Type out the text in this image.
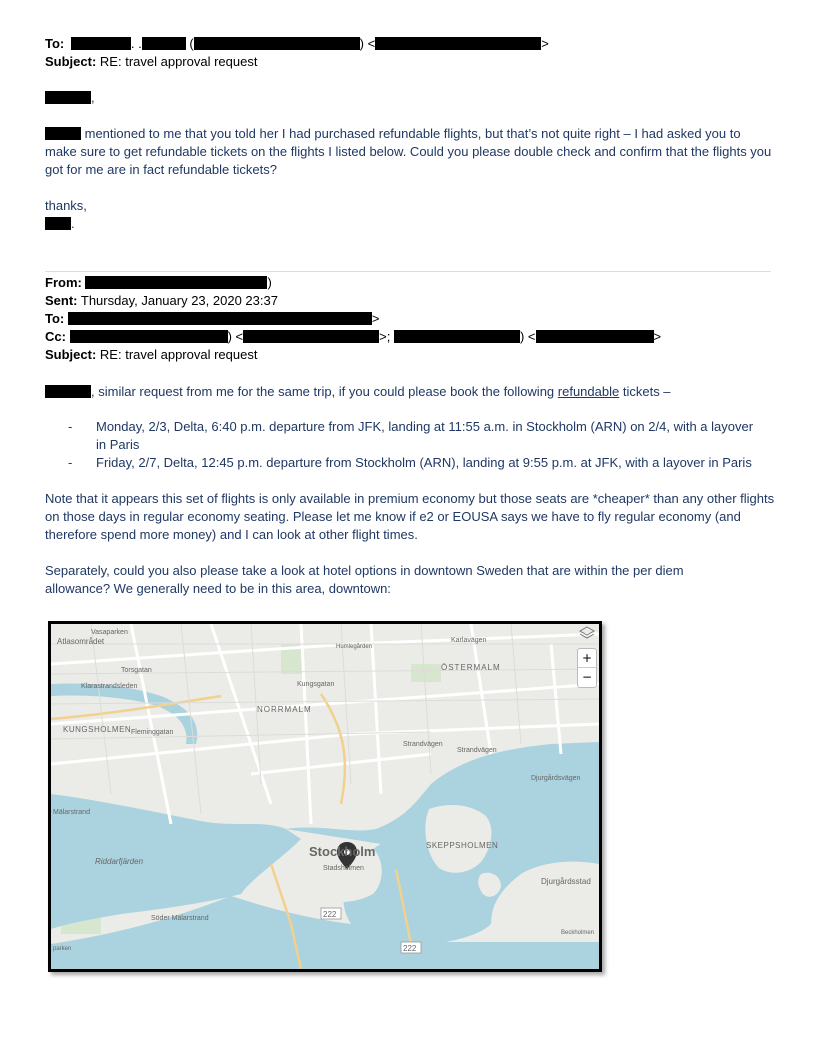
To:	. .	(	) <	>
Subject: RE: travel approval request
,
mentioned to me that you told her I had purchased refundable flights, but that’s not quite right – I had asked you to make sure to get refundable tickets on the flights I listed below. Could you please double check and confirm that the flights you got for me are in fact refundable tickets?
thanks,
.
From:	)
Sent: Thursday, January 23, 2020 23:37
To:	>
Cc:	) <	>;	) <	>
Subject: RE: travel approval request
, similar request from me for the same trip, if you could please book the following refundable tickets –
- Monday, 2/3, Delta, 6:40 p.m. departure from JFK, landing at 11:55 a.m. in Stockholm (ARN) on 2/4, with a layover in Paris
- Friday, 2/7, Delta, 12:45 p.m. departure from Stockholm (ARN), landing at 9:55 p.m. at JFK, with a layover in Paris
Note that it appears this set of flights is only available in premium economy but those seats are *cheaper* than any other flights on those days in regular economy seating. Please let me know if e2 or EOUSA says we have to fly regular economy (and therefore spend more money) and I can look at other flight times.
Separately, could you also please take a look at hotel options in downtown Sweden that are within the per diem allowance? We generally need to be in this area, downtown:
222
222
Stockholm
Stadsholmen
ÖSTERMALM
NORRMALM
KUNGSHOLMEN
SKEPPSHOLMEN
Riddarfjärden
Djurgårdsstad
Atlasområdet
Vasaparken
Humlegården
Karlavägen
Kungsgatan
Fleminggatan
Strandvägen
Strandvägen
Djurgårdsvägen
Söder Mälarstrand
Klarastrandsleden
Torsgatan
Mälarstrand
Beckholmen
parken
+
−
